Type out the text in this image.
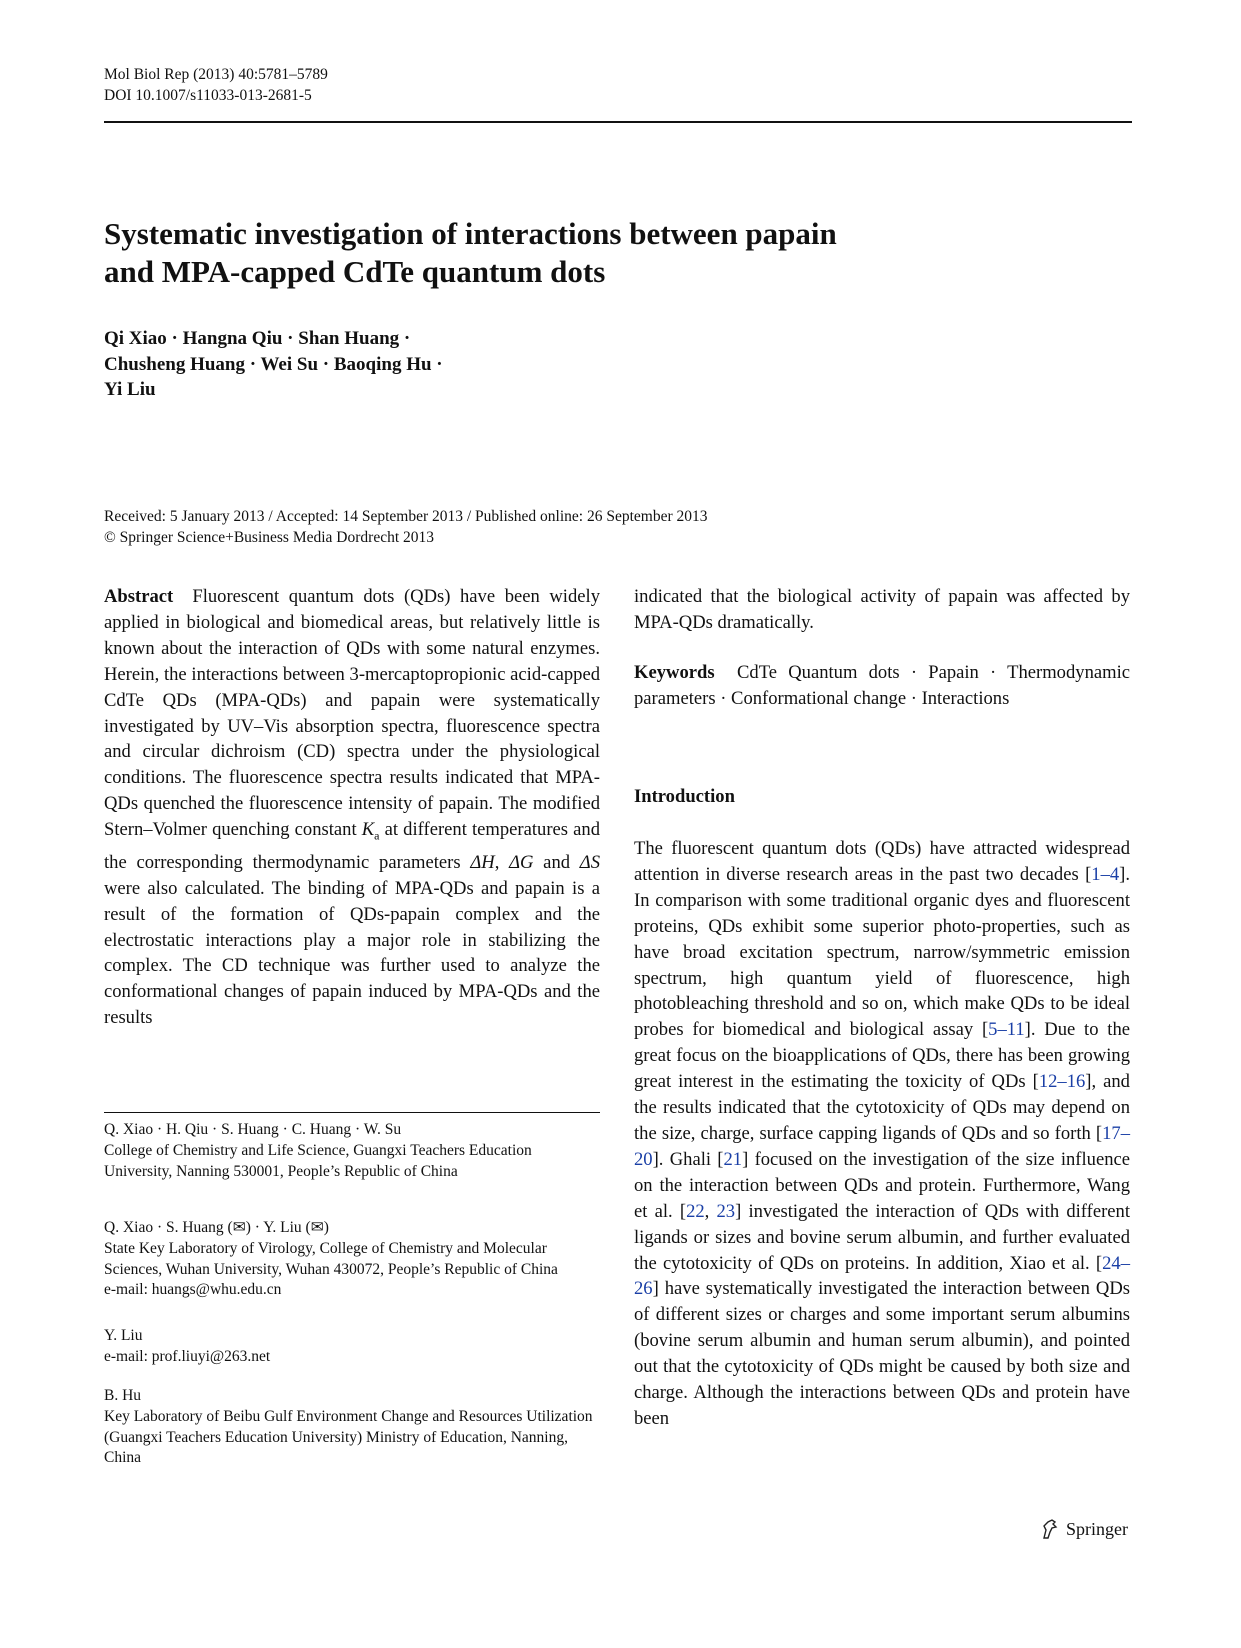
Mol Biol Rep (2013) 40:5781–5789
DOI 10.1007/s11033-013-2681-5
Systematic investigation of interactions between papain
and MPA-capped CdTe quantum dots
Qi Xiao · Hangna Qiu · Shan Huang ·
Chusheng Huang · Wei Su · Baoqing Hu ·
Yi Liu
Received: 5 January 2013 / Accepted: 14 September 2013 / Published online: 26 September 2013
© Springer Science+Business Media Dordrecht 2013

Abstract Fluorescent quantum dots (QDs) have been widely applied in biological and biomedical areas, but relatively little is known about the interaction of QDs with some natural enzymes. Herein, the interactions between 3-mercaptopropionic acid-capped CdTe QDs (MPA-QDs) and papain were systematically investigated by UV–Vis absorption spectra, fluorescence spectra and circular dichroism (CD) spectra under the physiological conditions. The fluorescence spectra results indicated that MPA-QDs quenched the fluorescence intensity of papain. The modified Stern–Volmer quenching constant $K_a$ at different temperatures and the corresponding thermodynamic parameters ΔH, ΔG and ΔS were also calculated. The binding of MPA-QDs and papain is a result of the formation of QDs-papain complex and the electrostatic interactions play a major role in stabilizing the complex. The CD technique was further used to analyze the conformational changes of papain induced by MPA-QDs and the results

Q. Xiao · H. Qiu · S. Huang · C. Huang · W. Su

College of Chemistry and Life Science, Guangxi Teachers Education University, Nanning 530001, People’s Republic of China

Q. Xiao · S. Huang (✉) · Y. Liu (✉)

State Key Laboratory of Virology, College of Chemistry and Molecular Sciences, Wuhan University, Wuhan 430072, People’s Republic of China

e-mail: huangs@whu.edu.cn

Y. Liu

e-mail: prof.liuyi@263.net

B. Hu

Key Laboratory of Beibu Gulf Environment Change and Resources Utilization (Guangxi Teachers Education University) Ministry of Education, Nanning, China

indicated that the biological activity of papain was affected by MPA-QDs dramatically.

Keywords CdTe Quantum dots · Papain · Thermodynamic parameters · Conformational change · Interactions

Introduction

The fluorescent quantum dots (QDs) have attracted widespread attention in diverse research areas in the past two decades [1–4]. In comparison with some traditional organic dyes and fluorescent proteins, QDs exhibit some superior photo-properties, such as have broad excitation spectrum, narrow/symmetric emission spectrum, high quantum yield of fluorescence, high photobleaching threshold and so on, which make QDs to be ideal probes for biomedical and biological assay [5–11]. Due to the great focus on the bioapplications of QDs, there has been growing great interest in the estimating the toxicity of QDs [12–16], and the results indicated that the cytotoxicity of QDs may depend on the size, charge, surface capping ligands of QDs and so forth [17–20]. Ghali [21] focused on the investigation of the size influence on the interaction between QDs and protein. Furthermore, Wang et al. [22, 23] investigated the interaction of QDs with different ligands or sizes and bovine serum albumin, and further evaluated the cytotoxicity of QDs on proteins. In addition, Xiao et al. [24–26] have systematically investigated the interaction between QDs of different sizes or charges and some important serum albumins (bovine serum albumin and human serum albumin), and pointed out that the cytotoxicity of QDs might be caused by both size and charge. Although the interactions between QDs and protein have been

Springer
